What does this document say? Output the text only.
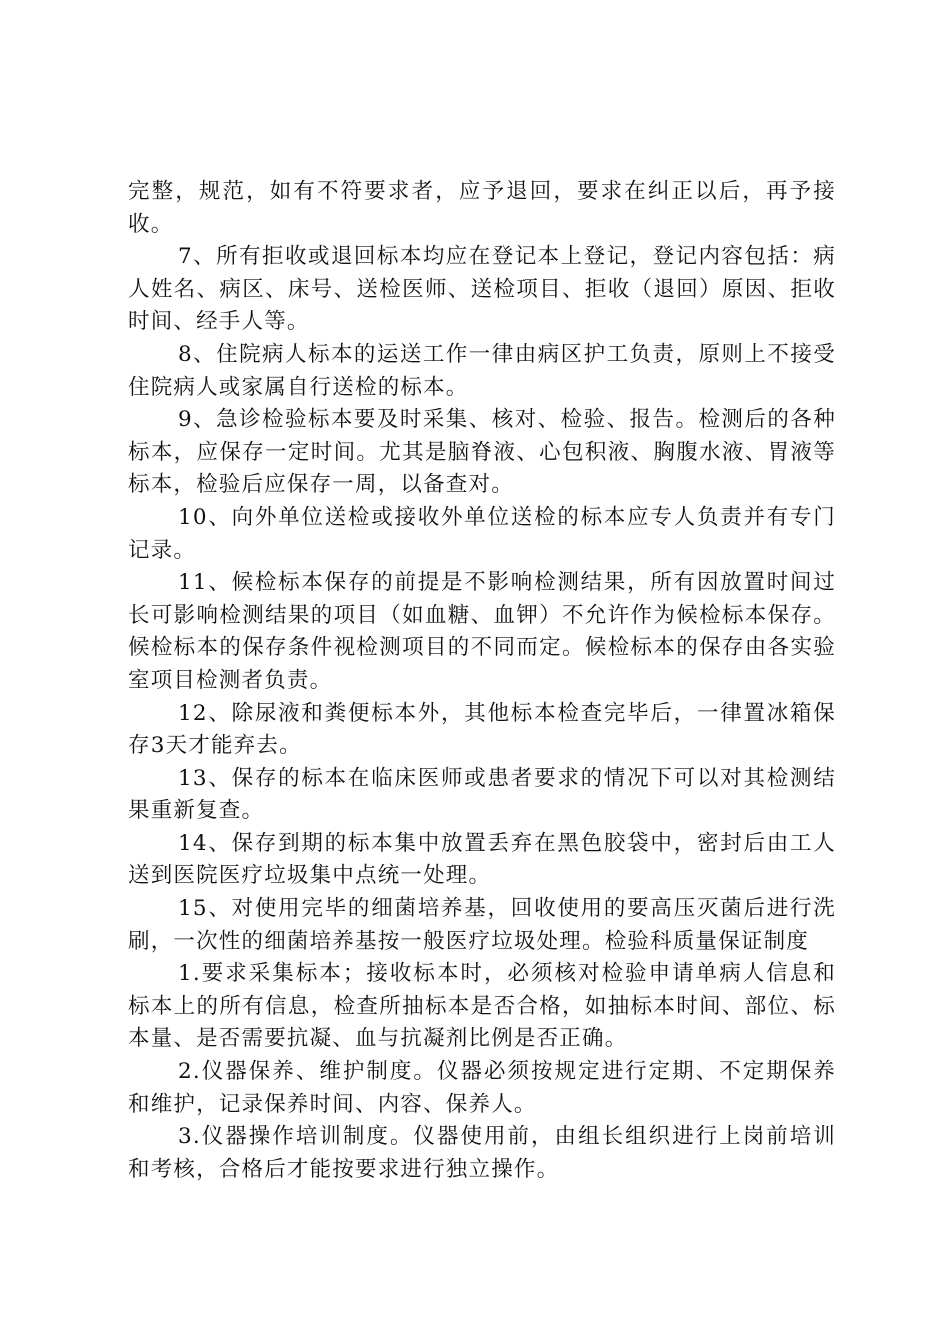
完整，规范，如有不符要求者，应予退回，要求在纠正以后，再予接收。

7、所有拒收或退回标本均应在登记本上登记，登记内容包括：病人姓名、病区、床号、送检医师、送检项目、拒收（退回）原因、拒收时间、经手人等。

8、住院病人标本的运送工作一律由病区护工负责，原则上不接受住院病人或家属自行送检的标本。

9、急诊检验标本要及时采集、核对、检验、报告。检测后的各种标本，应保存一定时间。尤其是脑脊液、心包积液、胸腹水液、胃液等标本，检验后应保存一周，以备查对。

10、向外单位送检或接收外单位送检的标本应专人负责并有专门记录。

11、候检标本保存的前提是不影响检测结果，所有因放置时间过长可影响检测结果的项目（如血糖、血钾）不允许作为候检标本保存。候检标本的保存条件视检测项目的不同而定。候检标本的保存由各实验室项目检测者负责。

12、除尿液和粪便标本外，其他标本检查完毕后，一律置冰箱保存3天才能弃去。

13、保存的标本在临床医师或患者要求的情况下可以对其检测结果重新复查。

14、保存到期的标本集中放置丢弃在黑色胶袋中，密封后由工人送到医院医疗垃圾集中点统一处理。

15、对使用完毕的细菌培养基，回收使用的要高压灭菌后进行洗刷，一次性的细菌培养基按一般医疗垃圾处理。检验科质量保证制度

1.要求采集标本；接收标本时，必须核对检验申请单病人信息和标本上的所有信息，检查所抽标本是否合格，如抽标本时间、部位、标本量、是否需要抗凝、血与抗凝剂比例是否正确。

2.仪器保养、维护制度。仪器必须按规定进行定期、不定期保养和维护，记录保养时间、内容、保养人。

3.仪器操作培训制度。仪器使用前，由组长组织进行上岗前培训和考核，合格后才能按要求进行独立操作。
